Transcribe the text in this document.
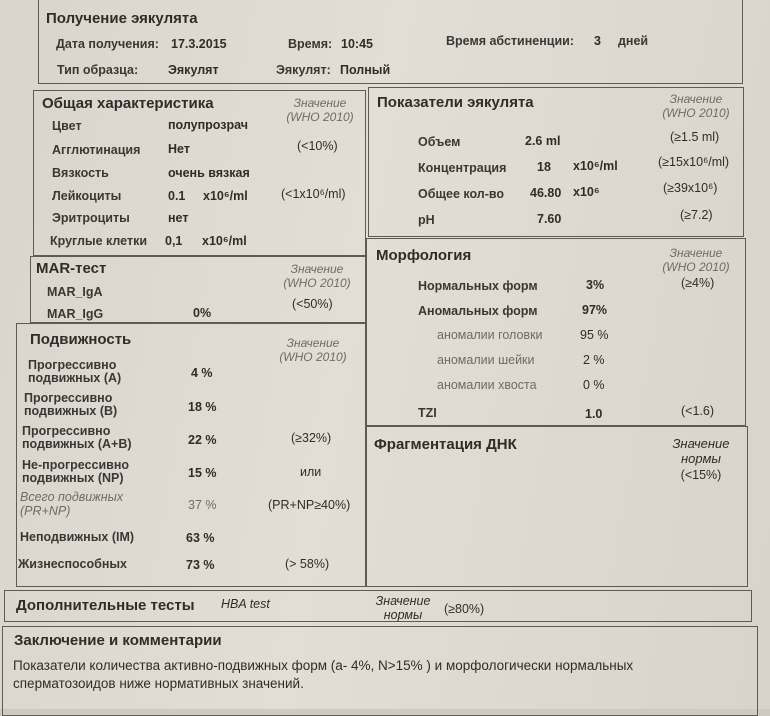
Получение эякулята
Дата получения: 17.3.2015	Время: 10:45	Время абстиненции: 3 дней
Тип образца: Эякулят	Эякулят: Полный
Общая характеристика	Значение
(WHO 2010)
Цвет	полупрозрач
Агглютинация Нет	(<10%)
Вязкость	очень вязкая
Лейкоциты	0.1 x10⁶/ml	(<1x10⁶/ml)
Эритроциты	нет
Круглые клетки 0,1 x10⁶/ml
MAR-тест	Значение
(WHO 2010)
MAR_IgA
MAR_IgG	0%
(<50%)
Подвижность	Значение
(WHO 2010)
Прогрессивно
подвижных (A)	4 %
Прогрессивно
подвижных (B)	18 %
Прогрессивно
подвижных (A+B)	22 %	(≥32%)
Не-прогрессивно
подвижных (NP)	15 %	или
Всего подвижных
(PR+NP)	37 %	(PR+NP≥40%)
Неподвижных (IM)	63 %
Жизнеспособных	73 %	(> 58%)
Показатели эякулята	Значение
(WHO 2010)
Объем	2.6 ml	(≥1.5 ml)
Концентрация 18 x10⁶/ml	(≥15x10⁶/ml)
Общее кол-во 46.80 x10⁶	(≥39x10⁶)
pH	7.60	(≥7.2)
Морфология	Значение
(WHO 2010)
Нормальных форм	3%	(≥4%)
Аномальных форм	97%
аномалии головки	95 %
аномалии шейки	2 %
аномалии хвоста	0 %
TZI	1.0	(<1.6)
Фрагментация ДНК	Значение
нормы
(<15%)
Дополнительные тесты HBA test	Значение
нормы	(≥80%)
Заключение и комментарии
Показатели количества активно-подвижных форм (а- 4%, N>15% ) и морфологически нормальных
сперматозоидов ниже нормативных значений.
